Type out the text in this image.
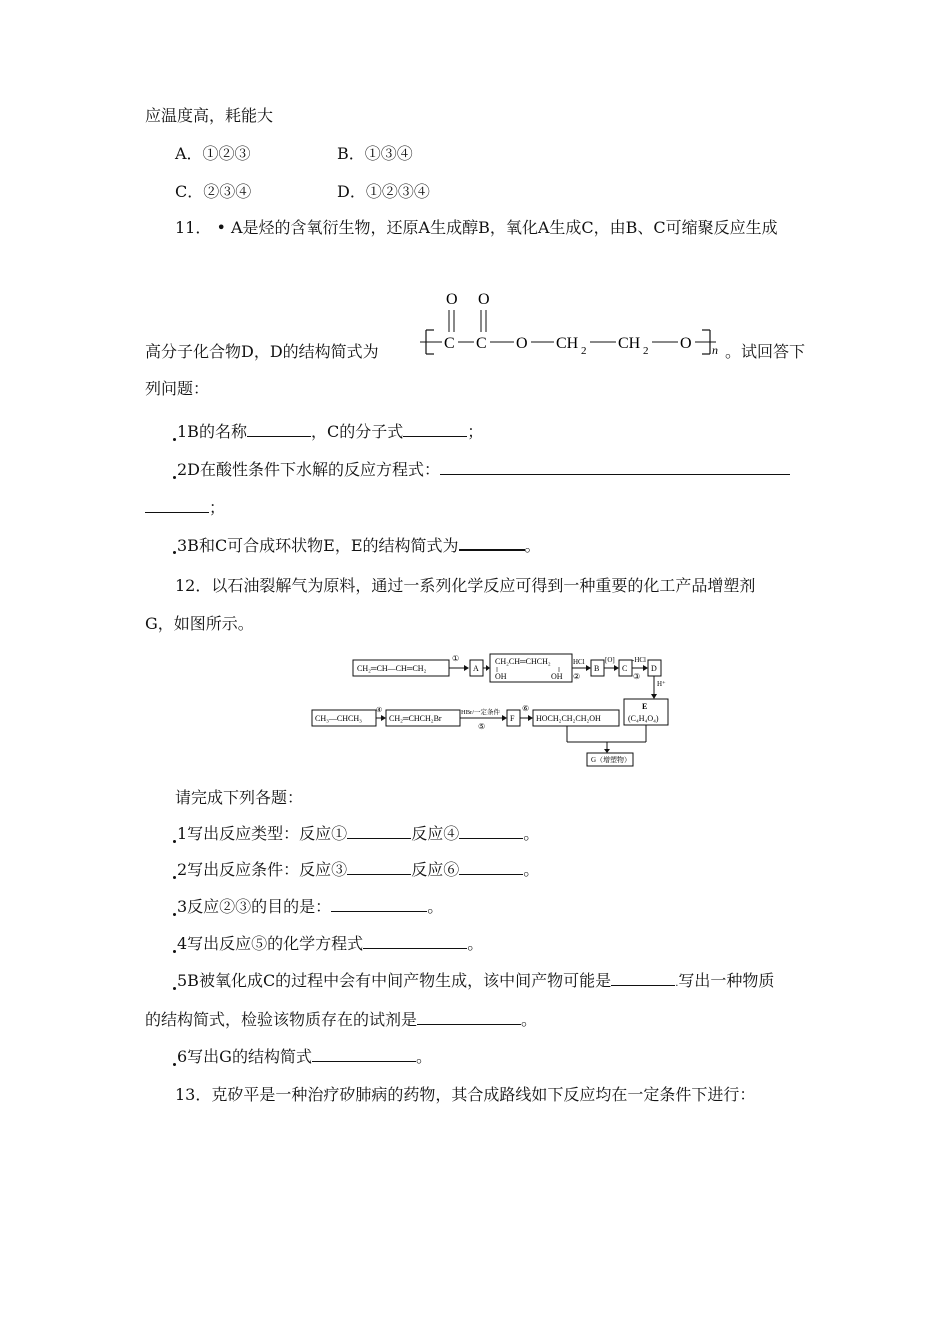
应温度高，耗能大
A．①②③	B．①③④
C．②③④	D．①②③④
11． • A是烃的含氧衍生物，还原A生成醇B，氧化A生成C，由B、C可缩聚反应生成
高分子化合物D，D的结构简式为
O O
C C O CH 2 CH 2 O n 。试回答下
列问题：
1B的名称	，C的分子式	；
2D在酸性条件下水解的反应方程式：
；
3B和C可合成环状物E，E的结构简式为	。
12．以石油裂解气为原料，通过一系列化学反应可得到一种重要的化工产品增塑剂
G，如图所示。
CH₂═CH—CH═CH₂
①
A
CH₂CH═CHCH₂
OH	OH
HCl
②
B
[O]
C
-HCl
③
D
H⁺
E
(C₄H₄O₄)
CH₃—CHCH₃
④
CH₂═CHCH₂Br
HBr/一定条件
⑤
F
⑥
HOCH₂CH₂CH₂OH
G（增塑物）
请完成下列各题：
1写出反应类型：反应①	反应④	。
2写出反应条件：反应③	反应⑥	。
3反应②③的目的是：	。
4写出反应⑤的化学方程式	。
5B被氧化成C的过程中会有中间产物生成，该中间产物可能是	.写出一种物质
的结构简式，检验该物质存在的试剂是	。
6写出G的结构简式	。
13．克矽平是一种治疗矽肺病的药物，其合成路线如下反应均在一定条件下进行：
